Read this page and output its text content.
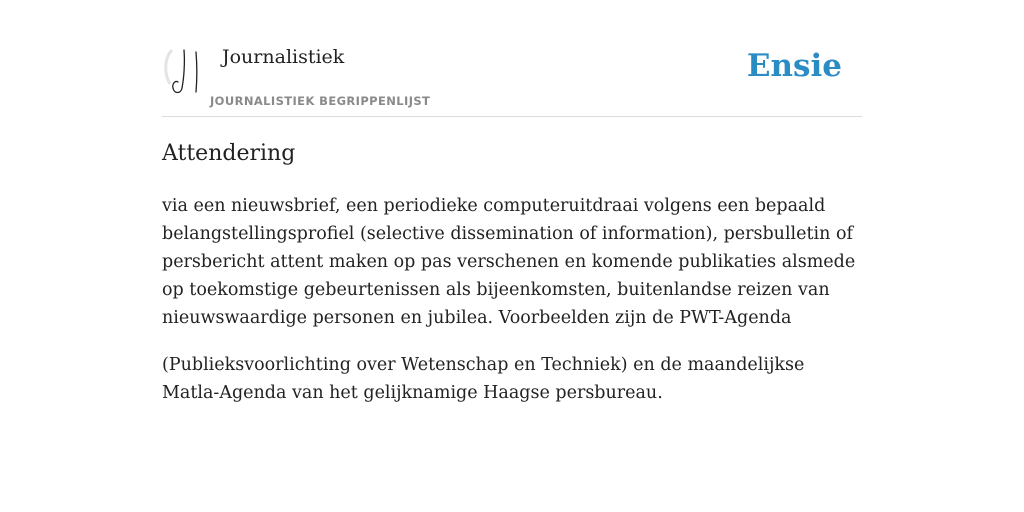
Journalistiek
JOURNALISTIEK BEGRIPPENLIJST
Ensie
Attendering

via een nieuwsbrief, een periodieke computeruitdraai volgens een bepaald belangstellingsprofiel (selective dissemination of information), persbulletin of persbericht attent maken op pas verschenen en komende publikaties alsmede op toekomstige gebeurtenissen als bijeenkomsten, buitenlandse reizen van nieuwswaardige personen en jubilea. Voorbeelden zijn de PWT-Agenda

(Publieksvoorlichting over Wetenschap en Techniek) en de maandelijkse Matla-Agenda van het gelijknamige Haagse persbureau.
